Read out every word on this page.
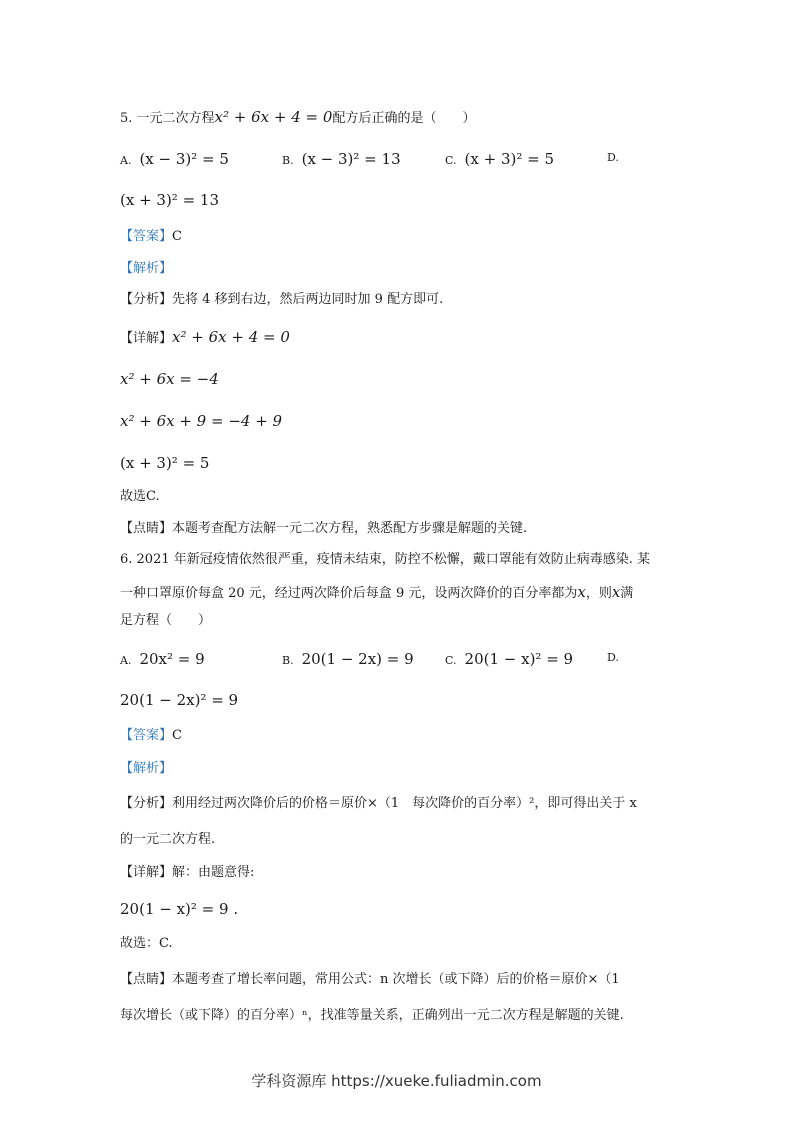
5. 一元二次方程x² + 6x + 4 = 0配方后正确的是（　　）
A. (x − 3)² = 5	B. (x − 3)² = 13	C. (x + 3)² = 5	D.
(x + 3)² = 13
【答案】C
【解析】
【分析】先将 4 移到右边，然后两边同时加 9 配方即可.
【详解】x² + 6x + 4 = 0
x² + 6x = −4
x² + 6x + 9 = −4 + 9
(x + 3)² = 5
故选C.
【点睛】本题考查配方法解一元二次方程，熟悉配方步骤是解题的关键.
6. 2021 年新冠疫情依然很严重，疫情未结束，防控不松懈，戴口罩能有效防止病毒感染. 某
一种口罩原价每盒 20 元，经过两次降价后每盒 9 元，设两次降价的百分率都为x，则x满
足方程（　　）
A. 20x² = 9	B. 20(1 − 2x) = 9	C. 20(1 − x)² = 9	D.
20(1 − 2x)² = 9
【答案】C
【解析】
【分析】利用经过两次降价后的价格＝原价×（1　每次降价的百分率）²，即可得出关于 x
的一元二次方程.
【详解】解：由题意得:
20(1 − x)² = 9 .
故选：C.
【点睛】本题考查了增长率问题，常用公式：n 次增长（或下降）后的价格＝原价×（1
每次增长（或下降）的百分率）ⁿ，找准等量关系，正确列出一元二次方程是解题的关键.
学科资源库 https://xueke.fuliadmin.com
